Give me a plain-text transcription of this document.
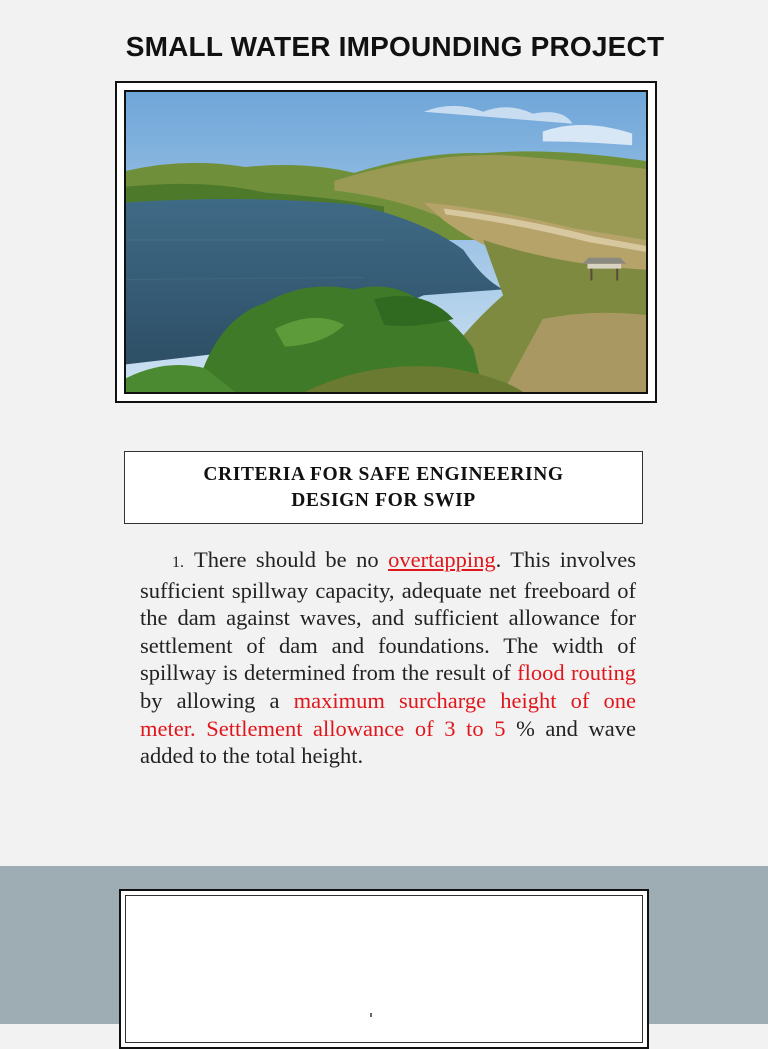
SMALL WATER IMPOUNDING PROJECT
CRITERIA FOR SAFE ENGINEERING DESIGN FOR SWIP
1. There should be no overtapping. This involves sufficient spillway capacity, adequate net freeboard of the dam against waves, and sufficient allowance for settlement of dam and foundations. The width of spillway is determined from the result of flood routing by allowing a maximum surcharge height of one meter. Settlement allowance of 3 to 5 % and wave added to the total height.
